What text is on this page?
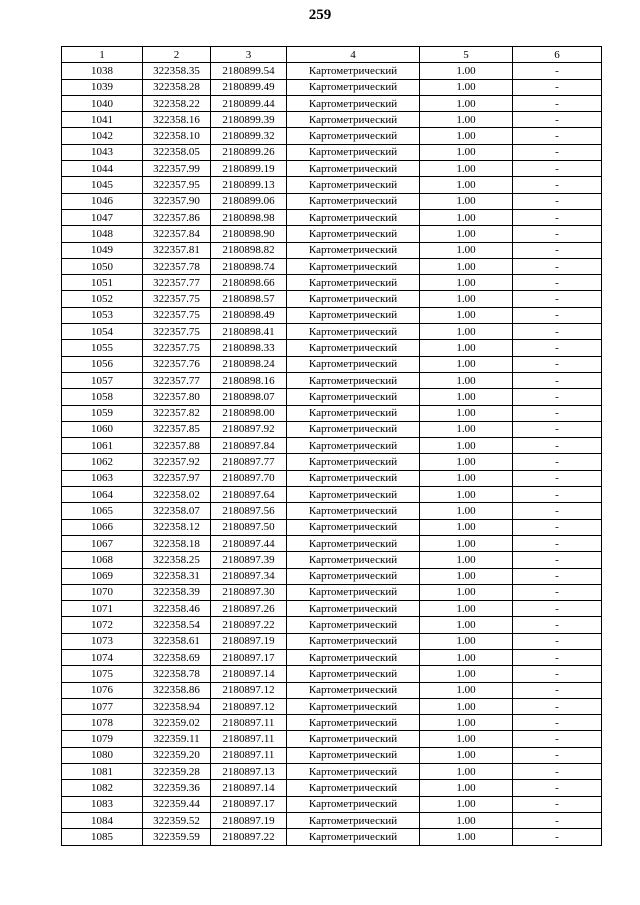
259
1	2	3	4	5	6
1038	322358.35	2180899.54	Картометрический	1.00	-
1039	322358.28	2180899.49	Картометрический	1.00	-
1040	322358.22	2180899.44	Картометрический	1.00	-
1041	322358.16	2180899.39	Картометрический	1.00	-
1042	322358.10	2180899.32	Картометрический	1.00	-
1043	322358.05	2180899.26	Картометрический	1.00	-
1044	322357.99	2180899.19	Картометрический	1.00	-
1045	322357.95	2180899.13	Картометрический	1.00	-
1046	322357.90	2180899.06	Картометрический	1.00	-
1047	322357.86	2180898.98	Картометрический	1.00	-
1048	322357.84	2180898.90	Картометрический	1.00	-
1049	322357.81	2180898.82	Картометрический	1.00	-
1050	322357.78	2180898.74	Картометрический	1.00	-
1051	322357.77	2180898.66	Картометрический	1.00	-
1052	322357.75	2180898.57	Картометрический	1.00	-
1053	322357.75	2180898.49	Картометрический	1.00	-
1054	322357.75	2180898.41	Картометрический	1.00	-
1055	322357.75	2180898.33	Картометрический	1.00	-
1056	322357.76	2180898.24	Картометрический	1.00	-
1057	322357.77	2180898.16	Картометрический	1.00	-
1058	322357.80	2180898.07	Картометрический	1.00	-
1059	322357.82	2180898.00	Картометрический	1.00	-
1060	322357.85	2180897.92	Картометрический	1.00	-
1061	322357.88	2180897.84	Картометрический	1.00	-
1062	322357.92	2180897.77	Картометрический	1.00	-
1063	322357.97	2180897.70	Картометрический	1.00	-
1064	322358.02	2180897.64	Картометрический	1.00	-
1065	322358.07	2180897.56	Картометрический	1.00	-
1066	322358.12	2180897.50	Картометрический	1.00	-
1067	322358.18	2180897.44	Картометрический	1.00	-
1068	322358.25	2180897.39	Картометрический	1.00	-
1069	322358.31	2180897.34	Картометрический	1.00	-
1070	322358.39	2180897.30	Картометрический	1.00	-
1071	322358.46	2180897.26	Картометрический	1.00	-
1072	322358.54	2180897.22	Картометрический	1.00	-
1073	322358.61	2180897.19	Картометрический	1.00	-
1074	322358.69	2180897.17	Картометрический	1.00	-
1075	322358.78	2180897.14	Картометрический	1.00	-
1076	322358.86	2180897.12	Картометрический	1.00	-
1077	322358.94	2180897.12	Картометрический	1.00	-
1078	322359.02	2180897.11	Картометрический	1.00	-
1079	322359.11	2180897.11	Картометрический	1.00	-
1080	322359.20	2180897.11	Картометрический	1.00	-
1081	322359.28	2180897.13	Картометрический	1.00	-
1082	322359.36	2180897.14	Картометрический	1.00	-
1083	322359.44	2180897.17	Картометрический	1.00	-
1084	322359.52	2180897.19	Картометрический	1.00	-
1085	322359.59	2180897.22	Картометрический	1.00	-
